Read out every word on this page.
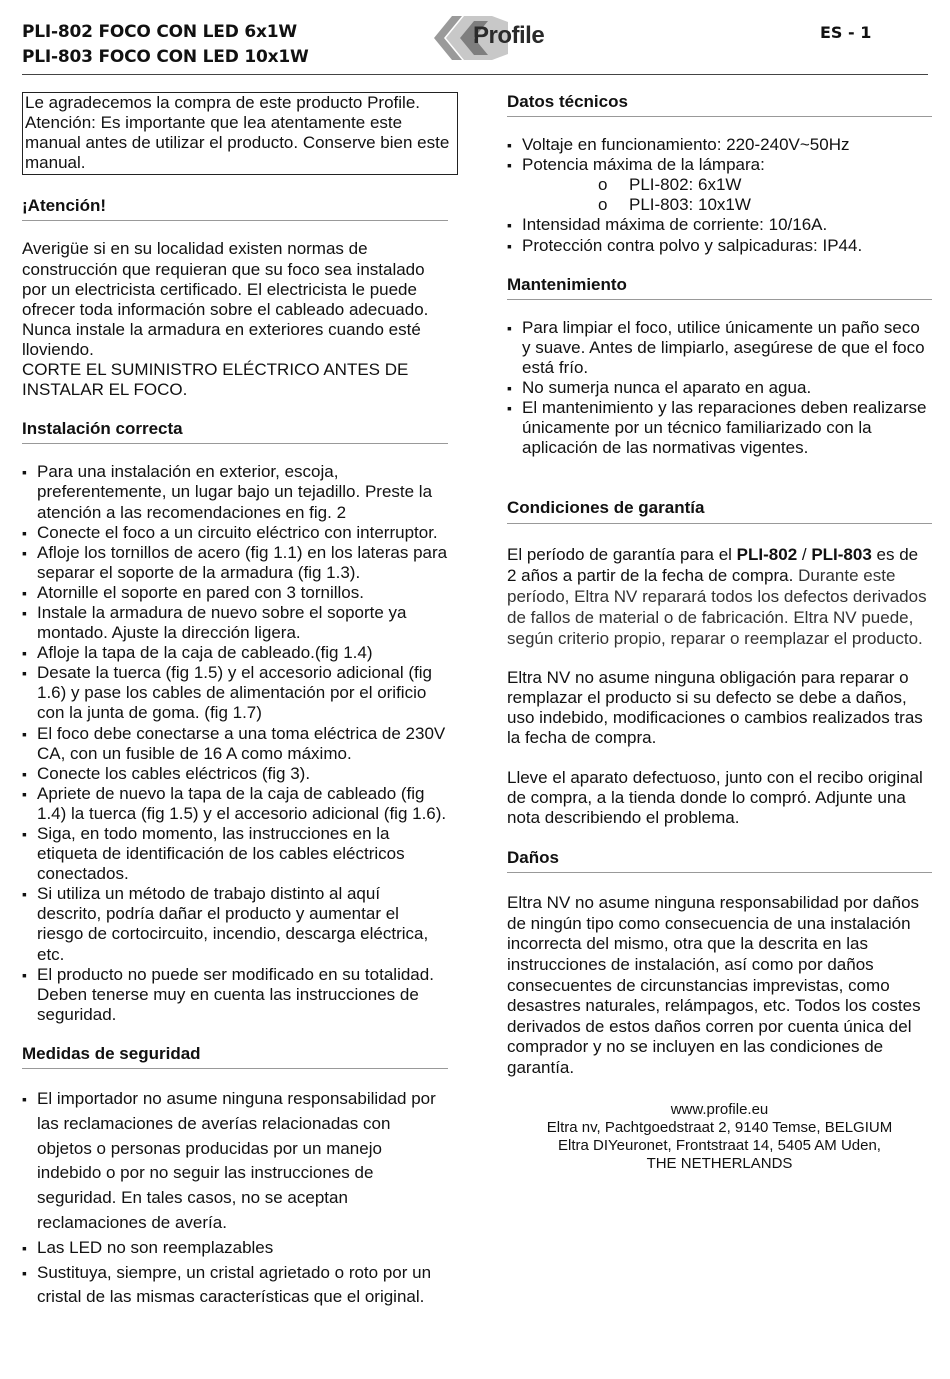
PLI-802 FOCO CON LED 6x1W
PLI-803 FOCO CON LED 10x1W
Profile	ES - 1

Le agradecemos la compra de este producto Profile. Atención: Es importante que lea atentamente este manual antes de utilizar el producto. Conserve bien este manual.

¡Atención!

Averigüe si en su localidad existen normas de construcción que requieran que su foco sea instalado por un electricista certificado. El electricista le puede ofrecer toda información sobre el cableado adecuado. Nunca instale la armadura en exteriores cuando esté lloviendo.

CORTE EL SUMINISTRO ELÉCTRICO ANTES DE INSTALAR EL FOCO.

Instalación correcta
▪ Para una instalación en exterior, escoja, preferentemente, un lugar bajo un tejadillo. Preste la atención a las recomendaciones en fig. 2
▪ Conecte el foco a un circuito eléctrico con interruptor.
▪ Afloje los tornillos de acero (fig 1.1) en los lateras para separar el soporte de la armadura (fig 1.3).
▪ Atornille el soporte en pared con 3 tornillos.
▪ Instale la armadura de nuevo sobre el soporte ya montado. Ajuste la dirección ligera.
▪ Afloje la tapa de la caja de cableado.(fig 1.4)
▪ Desate la tuerca (fig 1.5) y el accesorio adicional (fig 1.6) y pase los cables de alimentación por el orificio con la junta de goma. (fig 1.7)
▪ El foco debe conectarse a una toma eléctrica de 230V CA, con un fusible de 16 A como máximo.
▪ Conecte los cables eléctricos (fig 3).
▪ Apriete de nuevo la tapa de la caja de cableado (fig 1.4) la tuerca (fig 1.5) y el accesorio adicional (fig 1.6).
▪ Siga, en todo momento, las instrucciones en la etiqueta de identificación de los cables eléctricos conectados.
▪ Si utiliza un método de trabajo distinto al aquí descrito, podría dañar el producto y aumentar el riesgo de cortocircuito, incendio, descarga eléctrica, etc.
▪ El producto no puede ser modificado en su totalidad. Deben tenerse muy en cuenta las instrucciones de seguridad.
Medidas de seguridad
▪ El importador no asume ninguna responsabilidad por las reclamaciones de averías relacionadas con objetos o personas producidas por un manejo indebido o por no seguir las instrucciones de seguridad. En tales casos, no se aceptan reclamaciones de avería.
▪ Las LED no son reemplazables
▪ Sustituya, siempre, un cristal agrietado o roto por un cristal de las mismas características que el original.
Datos técnicos
▪ Voltaje en funcionamiento: 220-240V~50Hz
▪ Potencia máxima de la lámpara:
o PLI-802: 6x1W
o PLI-803: 10x1W
▪ Intensidad máxima de corriente: 10/16A.
▪ Protección contra polvo y salpicaduras: IP44.
Mantenimiento
▪ Para limpiar el foco, utilice únicamente un paño seco y suave. Antes de limpiarlo, asegúrese de que el foco está frío.
▪ No sumerja nunca el aparato en agua.
▪ El mantenimiento y las reparaciones deben realizarse únicamente por un técnico familiarizado con la aplicación de las normativas vigentes.
Condiciones de garantía

El período de garantía para el PLI-802 / PLI-803 es de 2 años a partir de la fecha de compra. Durante este período, Eltra NV reparará todos los defectos derivados de fallos de material o de fabricación. Eltra NV puede, según criterio propio, reparar o reemplazar el producto.

Eltra NV no asume ninguna obligación para reparar o remplazar el producto si su defecto se debe a daños, uso indebido, modificaciones o cambios realizados tras la fecha de compra.

Lleve el aparato defectuoso, junto con el recibo original de compra, a la tienda donde lo compró. Adjunte una nota describiendo el problema.

Daños

Eltra NV no asume ninguna responsabilidad por daños de ningún tipo como consecuencia de una instalación incorrecta del mismo, otra que la descrita en las instrucciones de instalación, así como por daños consecuentes de circunstancias imprevistas, como desastres naturales, relámpagos, etc. Todos los costes derivados de estos daños corren por cuenta única del comprador y no se incluyen en las condiciones de garantía.

www.profile.eu
Eltra nv, Pachtgoedstraat 2, 9140 Temse, BELGIUM
Eltra DIYeuronet, Frontstraat 14, 5405 AM Uden,
THE NETHERLANDS
